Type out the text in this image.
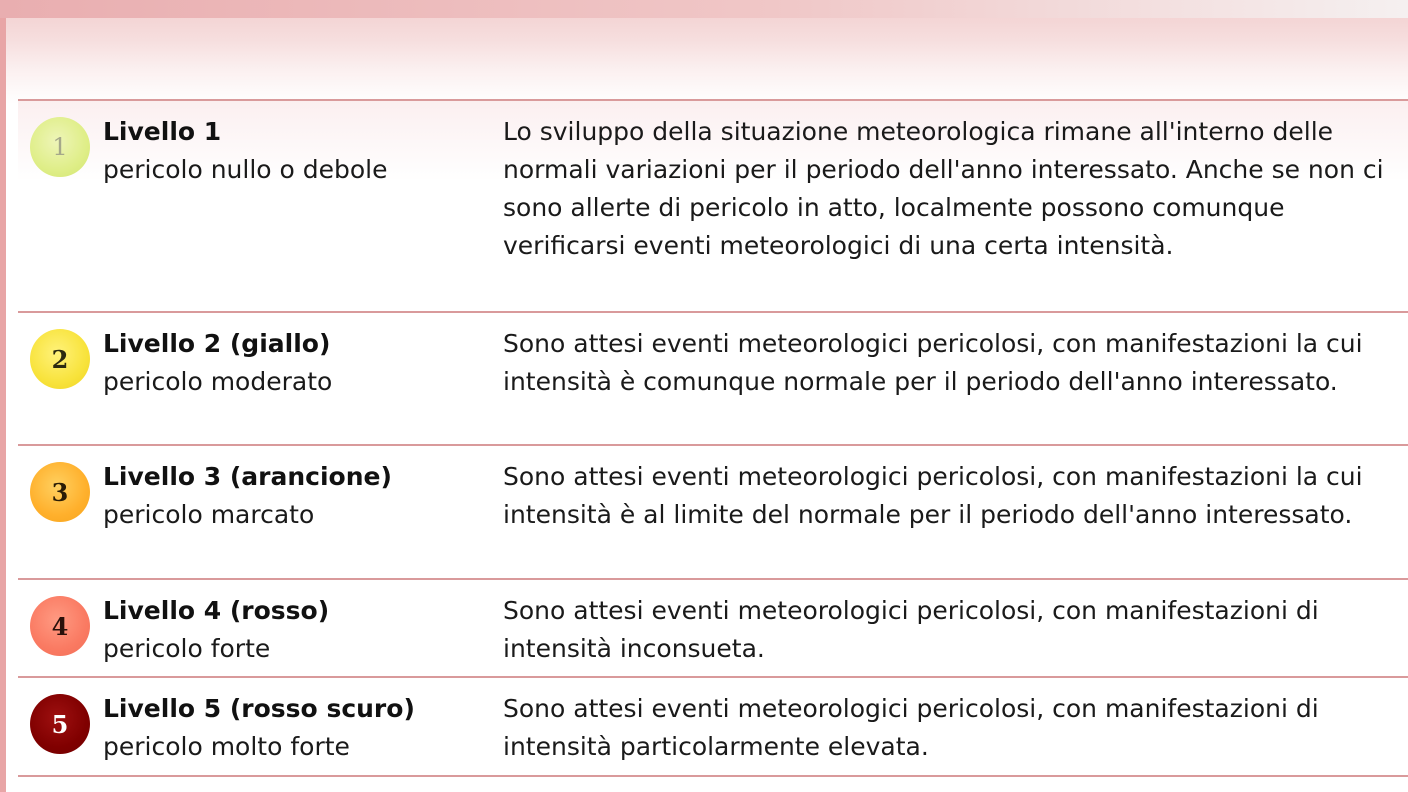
1
Livello 1
pericolo nullo o debole

Lo sviluppo della situazione meteorologica rimane all'interno delle normali variazioni per il periodo dell'anno interessato. Anche se non ci sono allerte di pericolo in atto, localmente possono comunque verificarsi eventi meteorologici di una certa intensità.

2
Livello 2 (giallo)
pericolo moderato

Sono attesi eventi meteorologici pericolosi, con manifestazioni la cui intensità è comunque normale per il periodo dell'anno interessato.

3
Livello 3 (arancione)
pericolo marcato

Sono attesi eventi meteorologici pericolosi, con manifestazioni la cui intensità è al limite del normale per il periodo dell'anno interessato.

4
Livello 4 (rosso)
pericolo forte

Sono attesi eventi meteorologici pericolosi, con manifestazioni di intensità inconsueta.

5
Livello 5 (rosso scuro)
pericolo molto forte

Sono attesi eventi meteorologici pericolosi, con manifestazioni di intensità particolarmente elevata.
